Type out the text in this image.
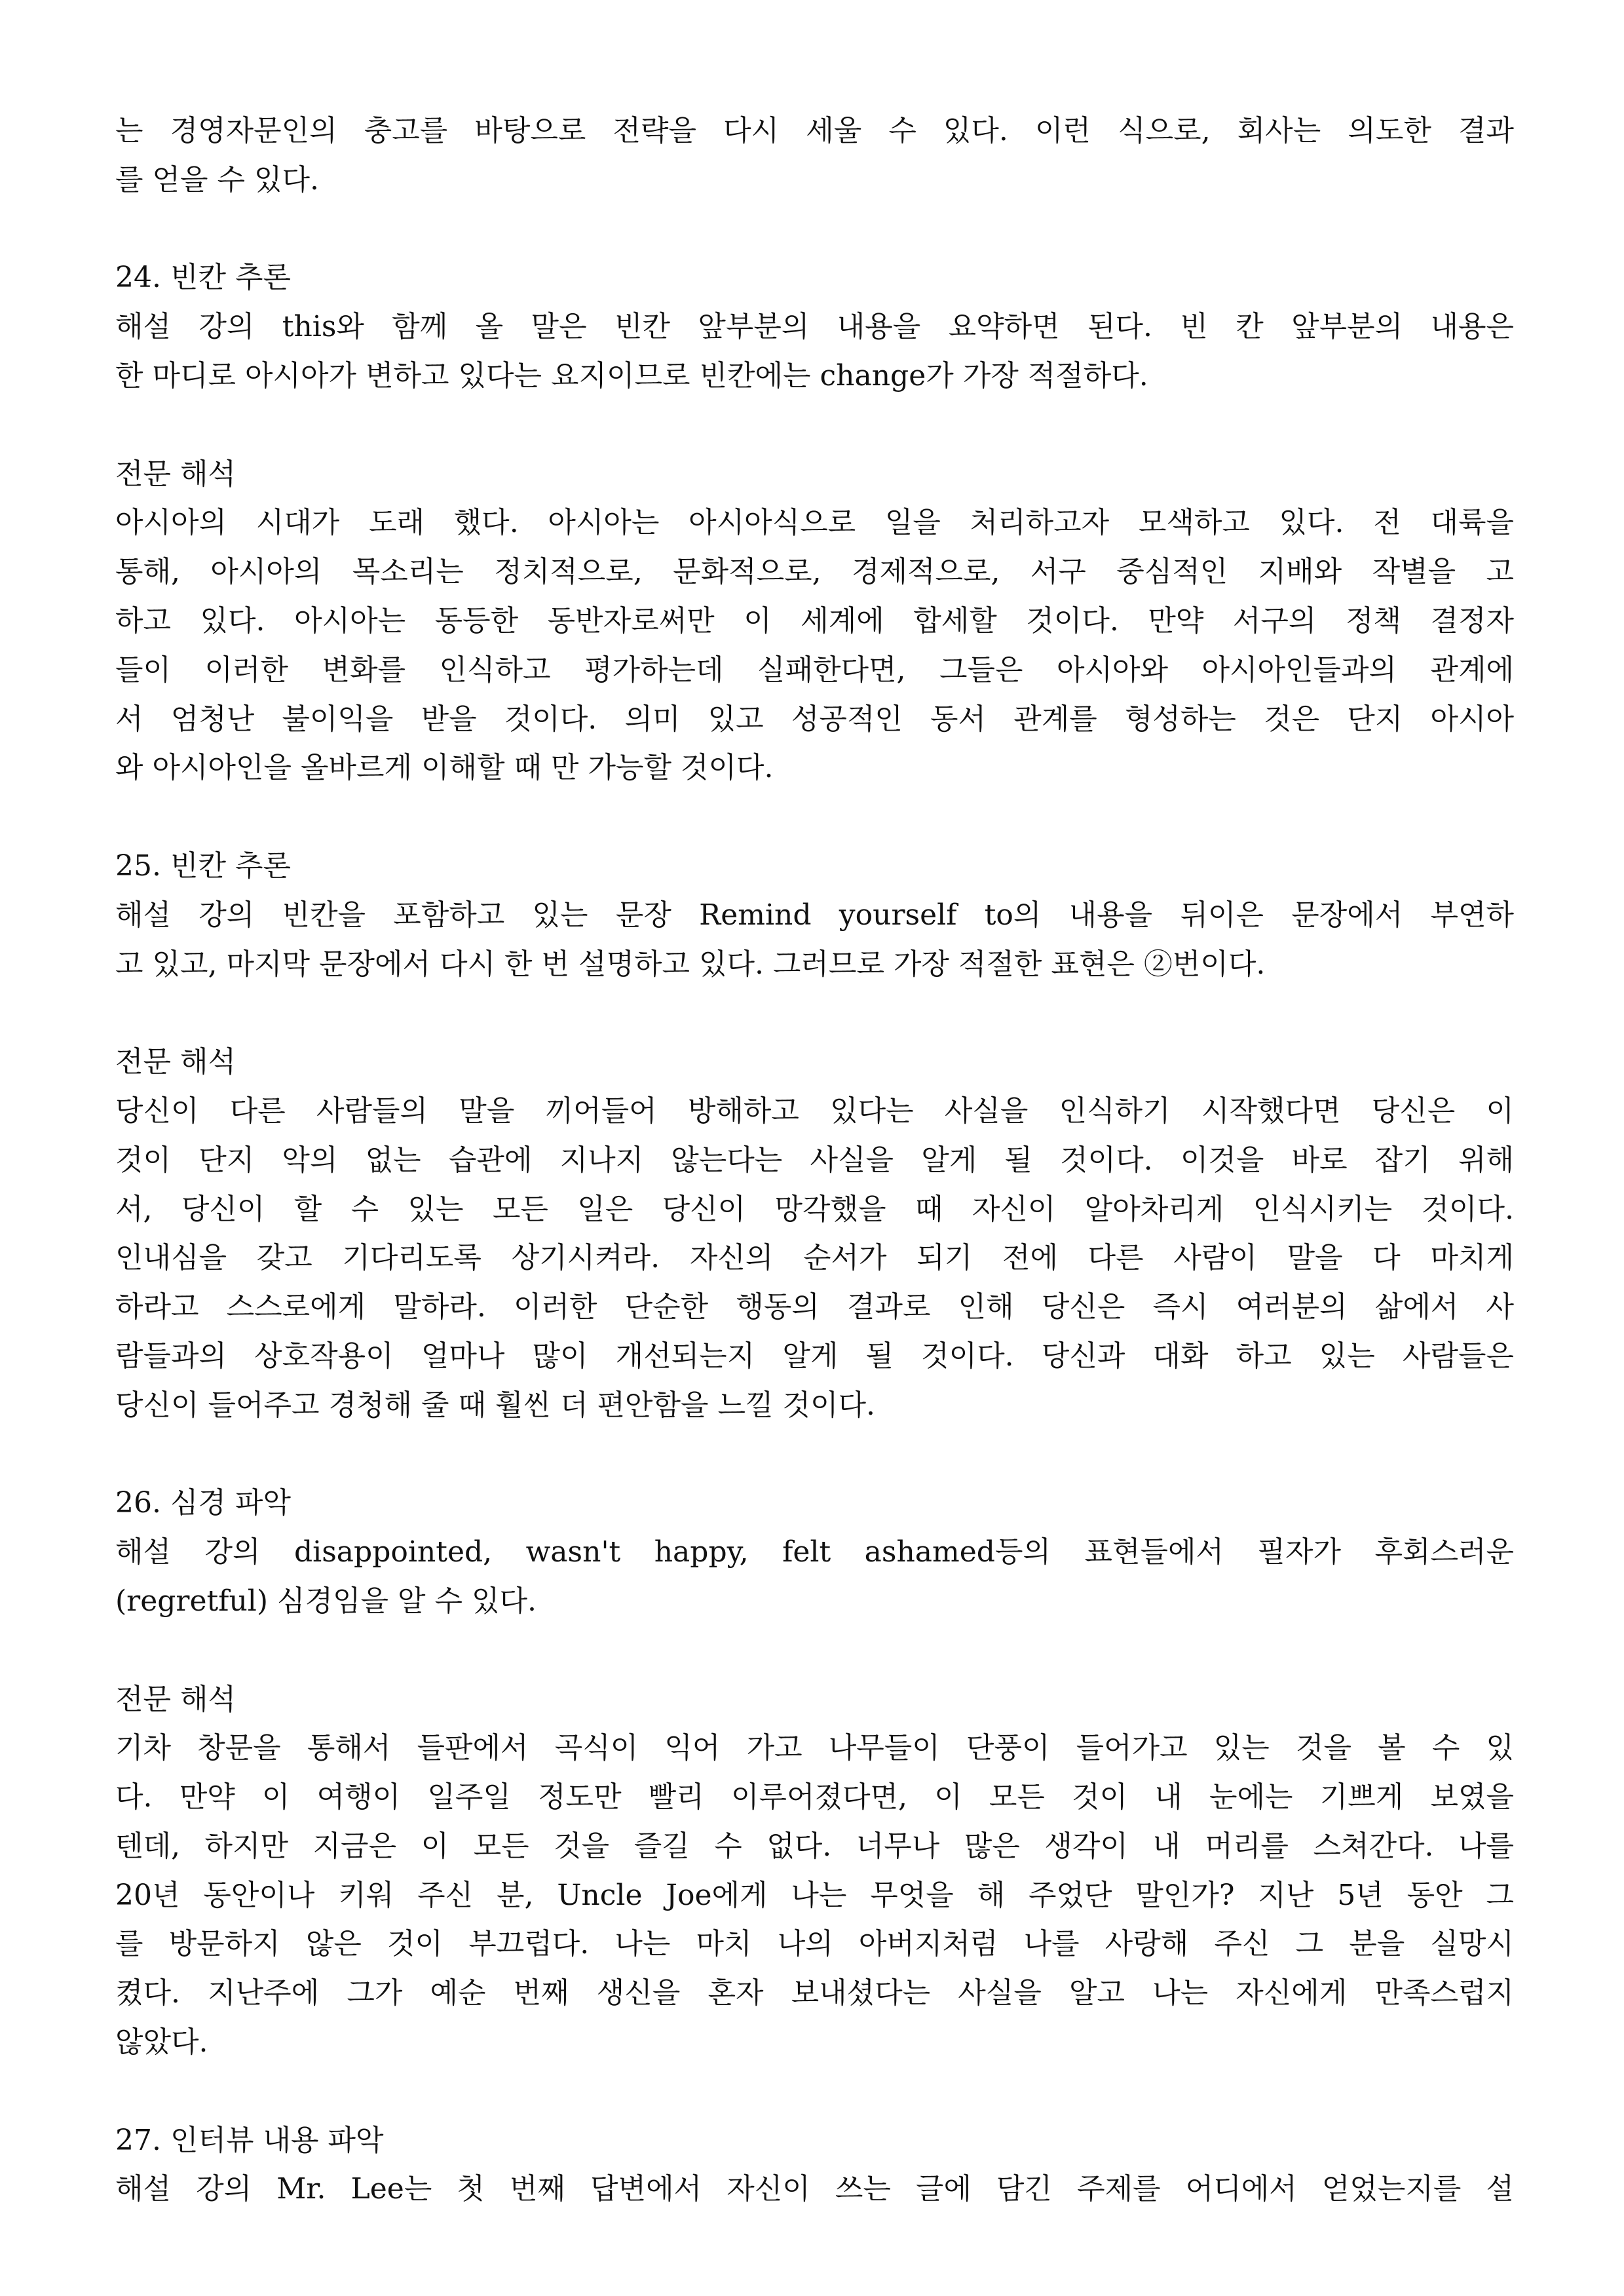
는 경영자문인의 충고를 바탕으로 전략을 다시 세울 수 있다. 이런 식으로, 회사는 의도한 결과
를 얻을 수 있다.
24. 빈칸 추론
해설 강의 this와 함께 올 말은 빈칸 앞부분의 내용을 요약하면 된다. 빈 칸 앞부분의 내용은
한 마디로 아시아가 변하고 있다는 요지이므로 빈칸에는 change가 가장 적절하다.
전문 해석
아시아의 시대가 도래 했다. 아시아는 아시아식으로 일을 처리하고자 모색하고 있다. 전 대륙을
통해, 아시아의 목소리는 정치적으로, 문화적으로, 경제적으로, 서구 중심적인 지배와 작별을 고
하고 있다. 아시아는 동등한 동반자로써만 이 세계에 합세할 것이다. 만약 서구의 정책 결정자
들이 이러한 변화를 인식하고 평가하는데 실패한다면, 그들은 아시아와 아시아인들과의 관계에
서 엄청난 불이익을 받을 것이다. 의미 있고 성공적인 동서 관계를 형성하는 것은 단지 아시아
와 아시아인을 올바르게 이해할 때 만 가능할 것이다.
25. 빈칸 추론
해설 강의 빈칸을 포함하고 있는 문장 Remind yourself to의 내용을 뒤이은 문장에서 부연하
고 있고, 마지막 문장에서 다시 한 번 설명하고 있다. 그러므로 가장 적절한 표현은 ②번이다.
전문 해석
당신이 다른 사람들의 말을 끼어들어 방해하고 있다는 사실을 인식하기 시작했다면 당신은 이
것이 단지 악의 없는 습관에 지나지 않는다는 사실을 알게 될 것이다. 이것을 바로 잡기 위해
서, 당신이 할 수 있는 모든 일은 당신이 망각했을 때 자신이 알아차리게 인식시키는 것이다.
인내심을 갖고 기다리도록 상기시켜라. 자신의 순서가 되기 전에 다른 사람이 말을 다 마치게
하라고 스스로에게 말하라. 이러한 단순한 행동의 결과로 인해 당신은 즉시 여러분의 삶에서 사
람들과의 상호작용이 얼마나 많이 개선되는지 알게 될 것이다. 당신과 대화 하고 있는 사람들은
당신이 들어주고 경청해 줄 때 훨씬 더 편안함을 느낄 것이다.
26. 심경 파악
해설 강의 disappointed, wasn't happy, felt ashamed등의 표현들에서 필자가 후회스러운
(regretful) 심경임을 알 수 있다.
전문 해석
기차 창문을 통해서 들판에서 곡식이 익어 가고 나무들이 단풍이 들어가고 있는 것을 볼 수 있
다. 만약 이 여행이 일주일 정도만 빨리 이루어졌다면, 이 모든 것이 내 눈에는 기쁘게 보였을
텐데, 하지만 지금은 이 모든 것을 즐길 수 없다. 너무나 많은 생각이 내 머리를 스쳐간다. 나를
20년 동안이나 키워 주신 분, Uncle Joe에게 나는 무엇을 해 주었단 말인가? 지난 5년 동안 그
를 방문하지 않은 것이 부끄럽다. 나는 마치 나의 아버지처럼 나를 사랑해 주신 그 분을 실망시
켰다. 지난주에 그가 예순 번째 생신을 혼자 보내셨다는 사실을 알고 나는 자신에게 만족스럽지
않았다.
27. 인터뷰 내용 파악
해설 강의 Mr. Lee는 첫 번째 답변에서 자신이 쓰는 글에 담긴 주제를 어디에서 얻었는지를 설
